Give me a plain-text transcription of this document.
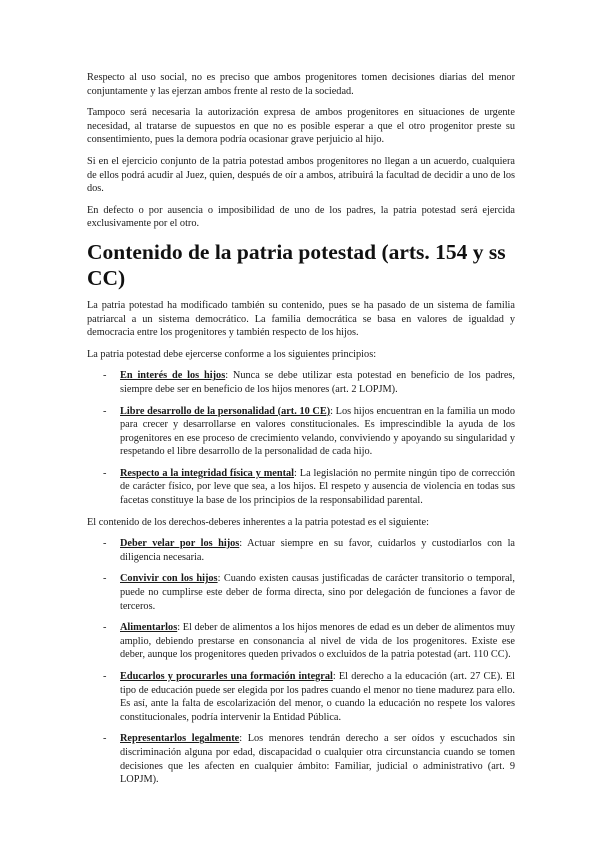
Respecto al uso social, no es preciso que ambos progenitores tomen decisiones diarias del menor conjuntamente y las ejerzan ambos frente al resto de la sociedad.

Tampoco será necesaria la autorización expresa de ambos progenitores en situaciones de urgente necesidad, al tratarse de supuestos en que no es posible esperar a que el otro progenitor preste su consentimiento, pues la demora podría ocasionar grave perjuicio al hijo.

Si en el ejercicio conjunto de la patria potestad ambos progenitores no llegan a un acuerdo, cualquiera de ellos podrá acudir al Juez, quien, después de oír a ambos, atribuirá la facultad de decidir a uno de los dos.

En defecto o por ausencia o imposibilidad de uno de los padres, la patria potestad será ejercida exclusivamente por el otro.

Contenido de la patria potestad (arts. 154 y ss CC)

La patria potestad ha modificado también su contenido, pues se ha pasado de un sistema de familia patriarcal a un sistema democrático. La familia democrática se basa en valores de igualdad y democracia entre los progenitores y también respecto de los hijos.

La patria potestad debe ejercerse conforme a los siguientes principios:

- En interés de los hijos: Nunca se debe utilizar esta potestad en beneficio de los padres, siempre debe ser en beneficio de los hijos menores (art. 2 LOPJM).
- Libre desarrollo de la personalidad (art. 10 CE): Los hijos encuentran en la familia un modo para crecer y desarrollarse en valores constitucionales. Es imprescindible la ayuda de los progenitores en ese proceso de crecimiento velando, conviviendo y apoyando su singularidad y respetando el libre desarrollo de la personalidad de cada hijo.
- Respecto a la integridad física y mental: La legislación no permite ningún tipo de corrección de carácter físico, por leve que sea, a los hijos. El respeto y ausencia de violencia en todas sus facetas constituye la base de los principios de la responsabilidad parental.

El contenido de los derechos-deberes inherentes a la patria potestad es el siguiente:

- Deber velar por los hijos: Actuar siempre en su favor, cuidarlos y custodiarlos con la diligencia necesaria.
- Convivir con los hijos: Cuando existen causas justificadas de carácter transitorio o temporal, puede no cumplirse este deber de forma directa, sino por delegación de funciones a favor de terceros.
- Alimentarlos: El deber de alimentos a los hijos menores de edad es un deber de alimentos muy amplio, debiendo prestarse en consonancia al nivel de vida de los progenitores. Existe ese deber, aunque los progenitores queden privados o excluidos de la patria potestad (art. 110 CC).
- Educarlos y procurarles una formación integral: El derecho a la educación (art. 27 CE). El tipo de educación puede ser elegida por los padres cuando el menor no tiene madurez para ello. Es así, ante la falta de escolarización del menor, o cuando la educación no respete los valores constitucionales, podría intervenir la Entidad Pública.
- Representarlos legalmente: Los menores tendrán derecho a ser oídos y escuchados sin discriminación alguna por edad, discapacidad o cualquier otra circunstancia cuando se tomen decisiones que les afecten en cualquier ámbito: Familiar, judicial o administrativo (art. 9 LOPJM).
